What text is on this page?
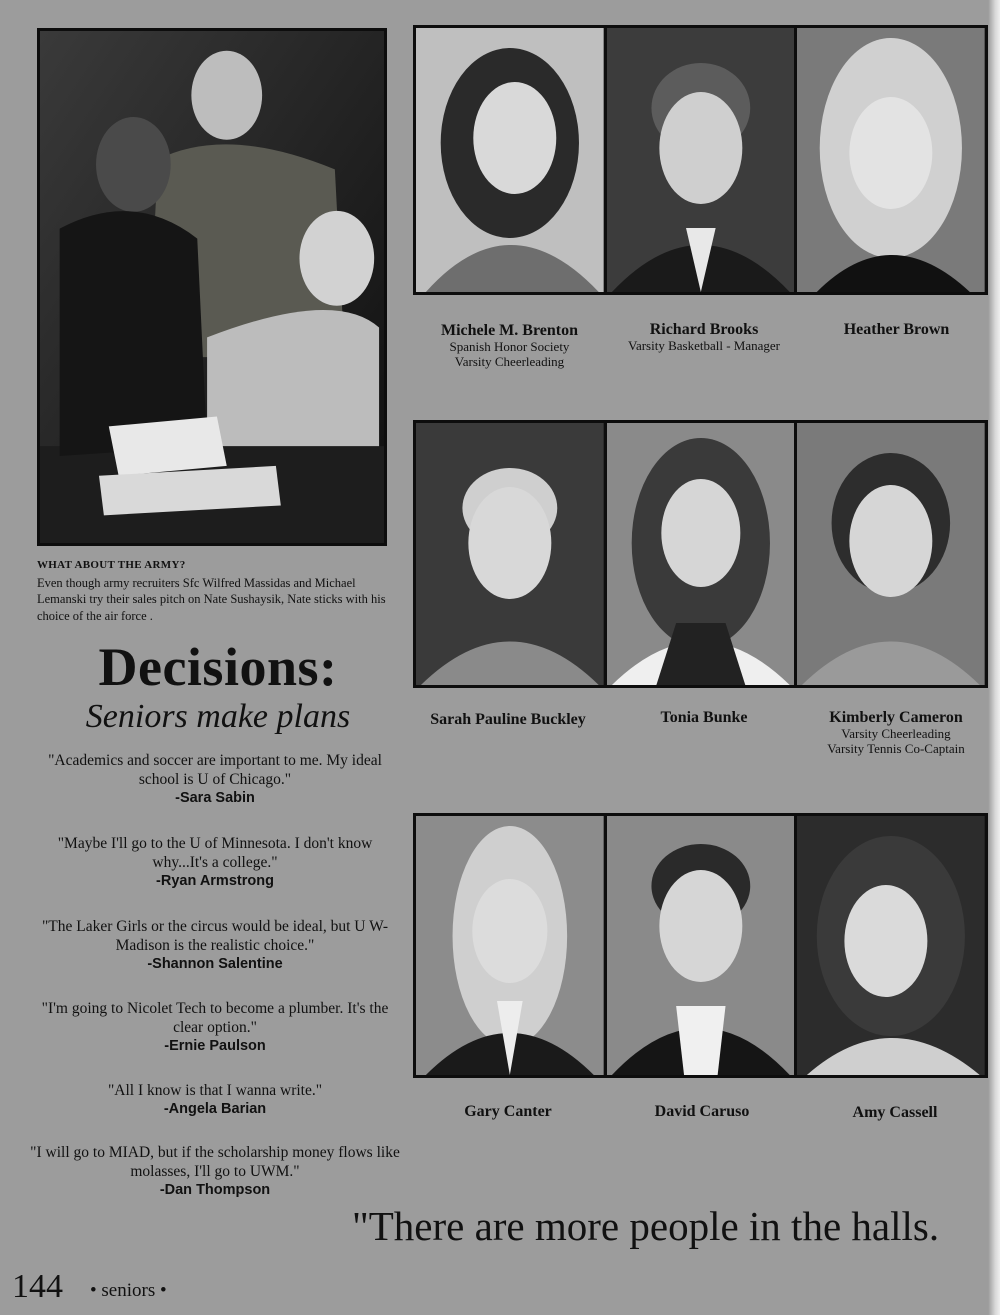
WHAT ABOUT THE ARMY?
Even though army recruiters Sfc Wilfred Massidas and Michael Lemanski try their sales pitch on Nate Sushaysik, Nate sticks with his choice of the air force .
Decisions:
Seniors make plans
"Academics and soccer are important to me. My ideal school is U of Chicago."
-Sara Sabin
"Maybe I'll go to the U of Minnesota. I don't know why...It's a college."
-Ryan Armstrong
"The Laker Girls or the circus would be ideal, but U W- Madison is the realistic choice."
-Shannon Salentine
"I'm going to Nicolet Tech to become a plumber. It's the clear option."
-Ernie Paulson
"All I know is that I wanna write."
-Angela Barian
"I will go to MIAD, but if the scholarship money flows like molasses, I'll go to UWM."
-Dan Thompson
Michele M. Brenton
Spanish Honor Society
Varsity Cheerleading
Richard Brooks
Varsity Basketball - Manager
Heather Brown
Sarah Pauline Buckley	Tonia Bunke	Kimberly Cameron
Varsity Cheerleading
Varsity Tennis Co-Captain
Gary Canter	David Caruso	Amy Cassell
"There are more people in the halls.
144 • seniors •
